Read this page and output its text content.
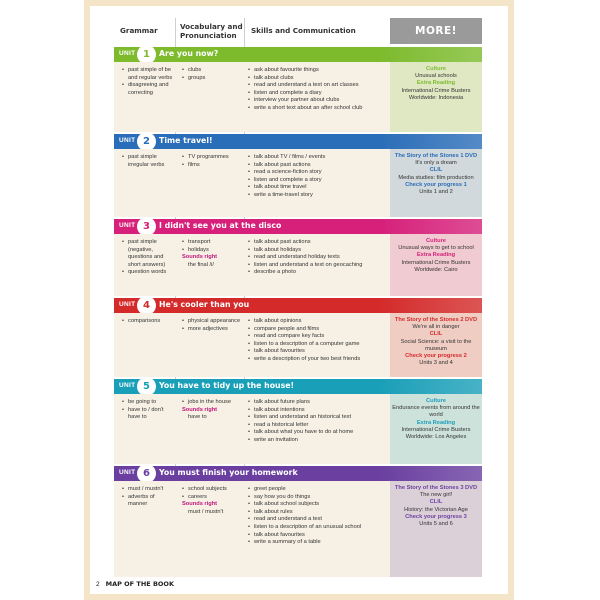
Grammar	Vocabulary and Pronunciation
Skills and Communication	MORE!
UNIT 1	Are you now?
• past simple of be and regular verbs
• disagreeing and correcting
• clubs
• groups
• ask about favourite things
• talk about clubs
• read and understand a text on art classes
• listen and complete a diary
• interview your partner about clubs
• write a short text about an after school club
Culture
Unusual schools
Extra Reading
International Crime Busters
Worldwide: Indonesia
UNIT 2	Time travel!
• past simple irregular verbs
• TV programmes
• films
• talk about TV / films / events
• talk about past actions
• read a science-fiction story
• listen and complete a story
• talk about time travel
• write a time-travel story
The Story of the Stones 1 DVD
It's only a dream
CLIL
Media studies: film production
Check your progress 1
Units 1 and 2
UNIT 3	I didn't see you at the disco
• past simple (negative, questions and short answers)
• question words
• transport
• holidays
Sounds right
the final /i/
• talk about past actions
• talk about holidays
• read and understand holiday texts
• listen and understand a text on geocaching
• describe a photo
Culture
Unusual ways to get to school
Extra Reading
International Crime Busters
Worldwide: Cairo
UNIT 4	He's cooler than you
• comparisons
•	physical appearance
• more adjectives
• talk about opinions
• compare people and films
• read and compare key facts
• listen to a description of a computer game
• talk about favourites
• write a description of your two best friends
The Story of the Stones 2 DVD
We're all in danger
CLIL
Social Science: a visit to the museum
Check your progress 2
Units 3 and 4
UNIT 5	You have to tidy up the house!
• be going to
• have to / don't have to
• jobs in the house
Sounds right
have to
• talk about future plans
• talk about intentions
• listen and understand an historical text
• read a historical letter
• talk about what you have to do at home
• write an invitation
Culture
Endurance events from around the world
Extra Reading
International Crime Busters
Worldwide: Los Angeles
UNIT 6	You must finish your homework
• must / mustn't
• adverbs of manner
• school subjects
• careers
Sounds right
must / mustn't
• greet people
• say how you do things
• talk about school subjects
• talk about rules
• read and understand a text
• listen to a description of an unusual school
• talk about favourites
• write a summary of a table
The Story of the Stones 3 DVD
The new girl!
CLIL
History: the Victorian Age
Check your progress 3
Units 5 and 6
2 MAP OF THE BOOK
